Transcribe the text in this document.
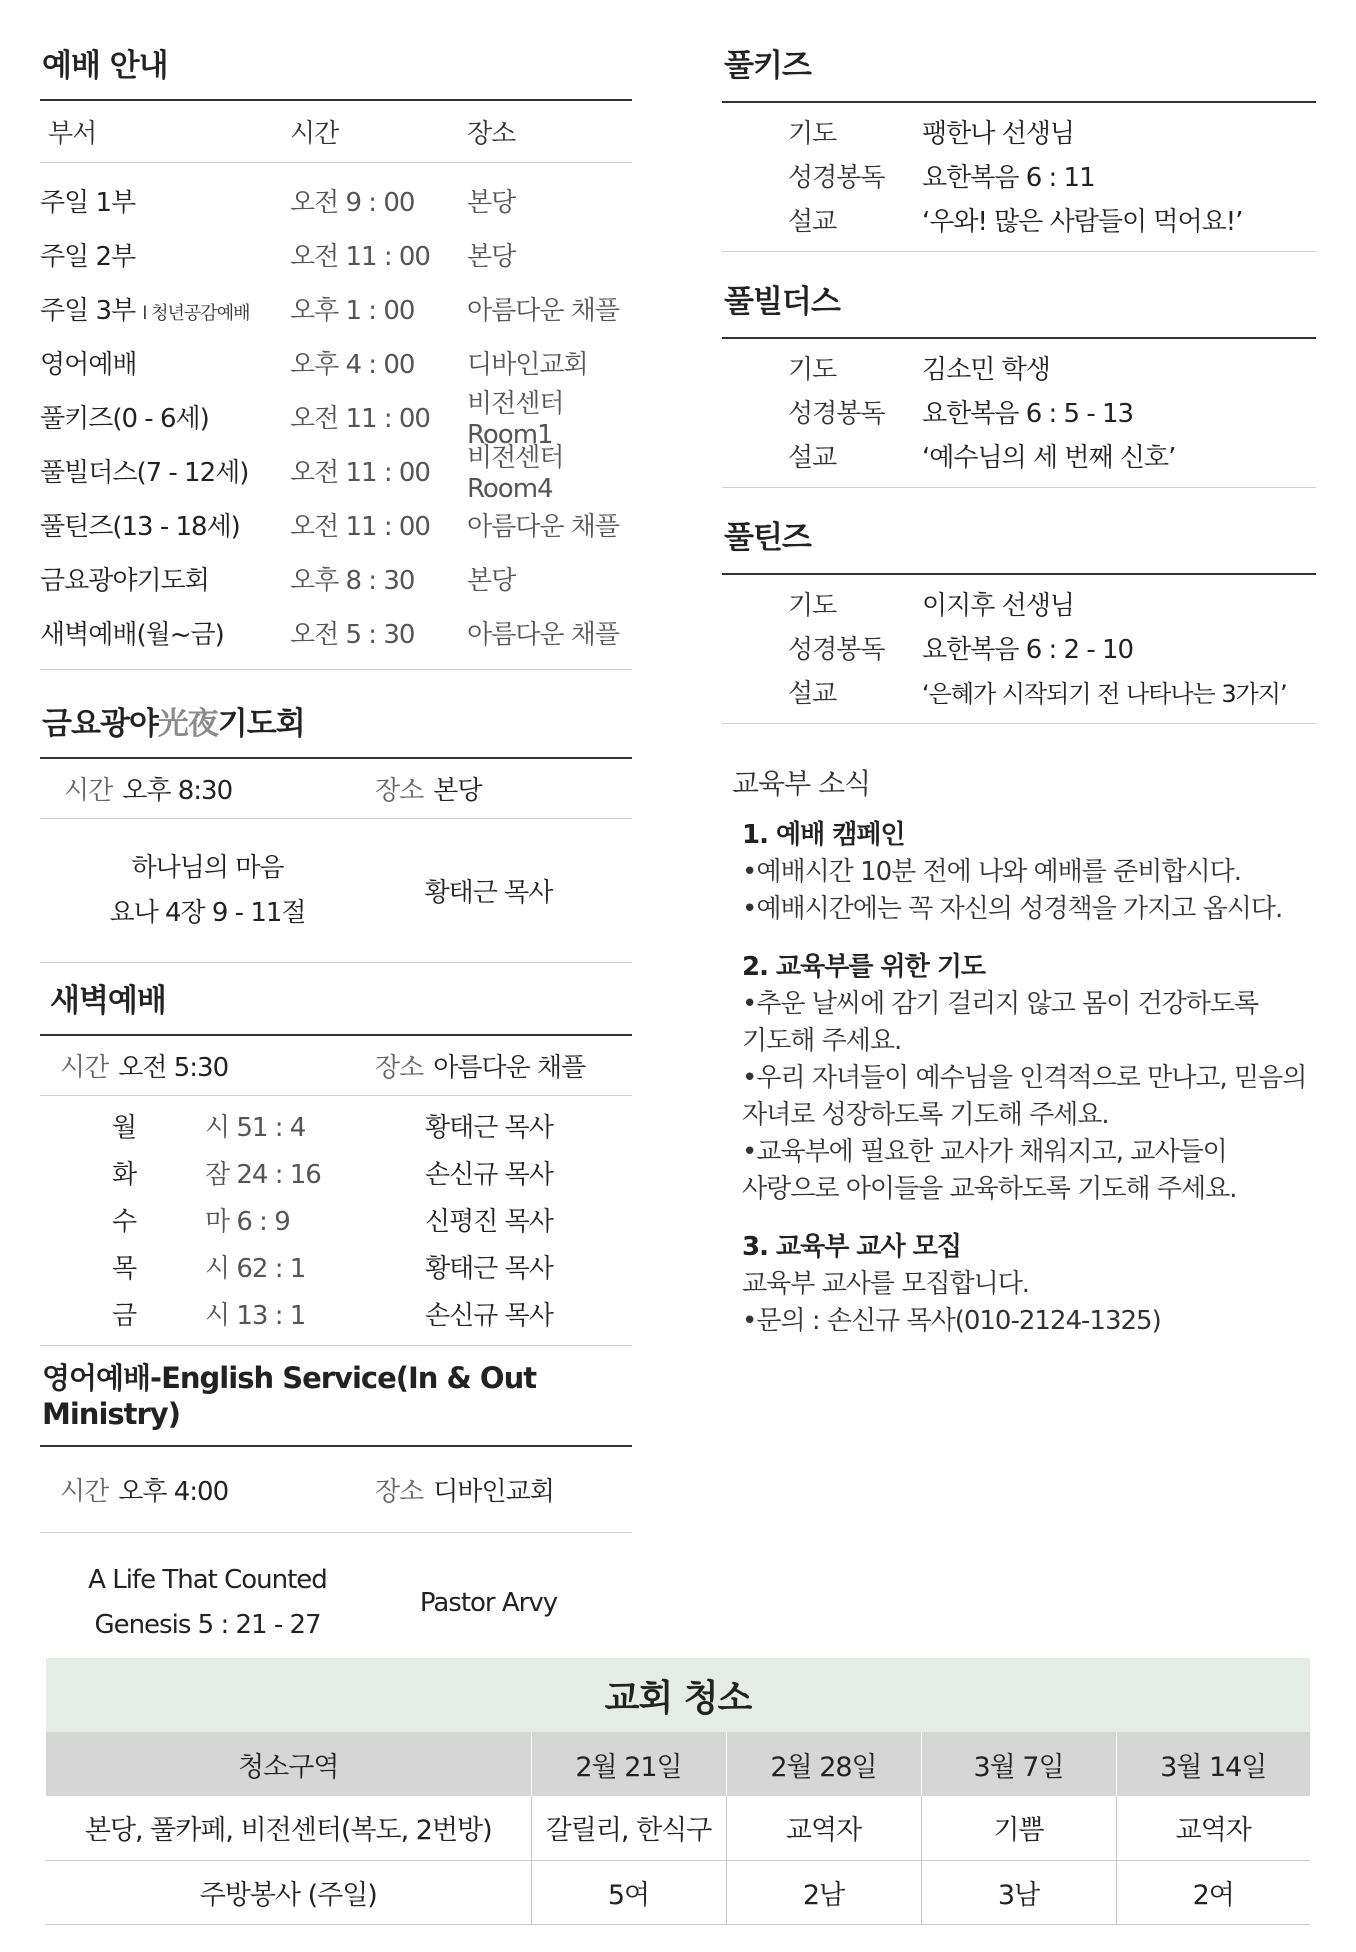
예배 안내
부서	시간	장소
주일 1부	오전 9 : 00	본당
주일 2부	오전 11 : 00	본당
주일 3부 l 청년공감예배	오후 1 : 00	아름다운 채플
영어예배	오후 4 : 00	디바인교회
풀키즈(0 - 6세)	오전 11 : 00	비전센터 Room1
풀빌더스(7 - 12세)	오전 11 : 00	비전센터 Room4
풀틴즈(13 - 18세)	오전 11 : 00	아름다운 채플
금요광야기도회	오후 8 : 30	본당
새벽예배(월~금)	오전 5 : 30	아름다운 채플
금요광야光夜기도회
시간 오후 8:30	장소 본당
하나님의 마음
요나 4장 9 - 11절
황태근 목사
새벽예배
시간 오전 5:30	장소 아름다운 채플
월	시 51 : 4	황태근 목사
화	잠 24 : 16	손신규 목사
수	마 6 : 9	신평진 목사
목	시 62 : 1	황태근 목사
금	시 13 : 1	손신규 목사
영어예배-English Service(In & Out Ministry)
시간 오후 4:00	장소 디바인교회
A Life That Counted
Genesis 5 : 21 - 27
Pastor Arvy
풀키즈
기도	팽한나 선생님
성경봉독	요한복음 6 : 11
설교	‘우와! 많은 사람들이 먹어요!’
풀빌더스
기도	김소민 학생
성경봉독	요한복음 6 : 5 - 13
설교	‘예수님의 세 번째 신호’
풀틴즈
기도	이지후 선생님
성경봉독	요한복음 6 : 2 - 10
설교	‘은혜가 시작되기 전 나타나는 3가지’
교육부 소식
1. 예배 캠페인

•예배시간 10분 전에 나와 예배를 준비합시다.

•예배시간에는 꼭 자신의 성경책을 가지고 옵시다.

2. 교육부를 위한 기도

•추운 날씨에 감기 걸리지 않고 몸이 건강하도록

기도해 주세요.

•우리 자녀들이 예수님을 인격적으로 만나고, 믿음의

자녀로 성장하도록 기도해 주세요.

•교육부에 필요한 교사가 채워지고, 교사들이

사랑으로 아이들을 교육하도록 기도해 주세요.

3. 교육부 교사 모집

교육부 교사를 모집합니다.

•문의 : 손신규 목사(010-2124-1325)

교회 청소
청소구역	2월 21일	2월 28일	3월 7일	3월 14일
본당, 풀카페, 비전센터(복도, 2번방)	갈릴리, 한식구	교역자	기쁨	교역자
주방봉사 (주일)	5여	2남	3남	2여
